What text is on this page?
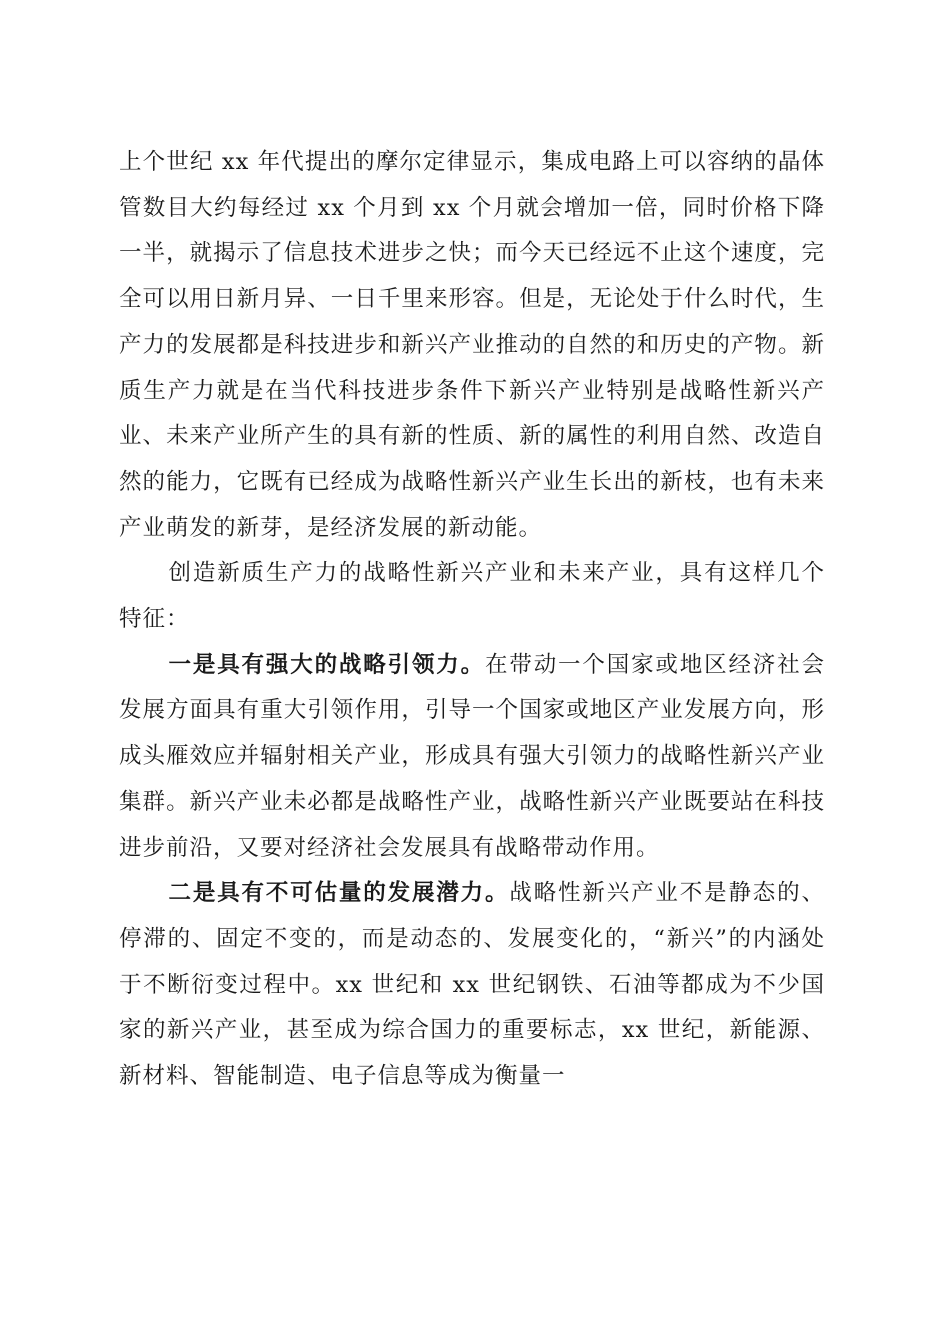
上个世纪 xx 年代提出的摩尔定律显示，集成电路上可以容纳的晶体管数目大约每经过 xx 个月到 xx 个月就会增加一倍，同时价格下降一半，就揭示了信息技术进步之快；而今天已经远不止这个速度，完全可以用日新月异、一日千里来形容。但是，无论处于什么时代，生产力的发展都是科技进步和新兴产业推动的自然的和历史的产物。新质生产力就是在当代科技进步条件下新兴产业特别是战略性新兴产业、未来产业所产生的具有新的性质、新的属性的利用自然、改造自然的能力，它既有已经成为战略性新兴产业生长出的新枝，也有未来产业萌发的新芽，是经济发展的新动能。

创造新质生产力的战略性新兴产业和未来产业，具有这样几个特征：

一是具有强大的战略引领力。在带动一个国家或地区经济社会发展方面具有重大引领作用，引导一个国家或地区产业发展方向，形成头雁效应并辐射相关产业，形成具有强大引领力的战略性新兴产业集群。新兴产业未必都是战略性产业，战略性新兴产业既要站在科技进步前沿，又要对经济社会发展具有战略带动作用。

二是具有不可估量的发展潜力。战略性新兴产业不是静态的、停滞的、固定不变的，而是动态的、发展变化的，“新兴”的内涵处于不断衍变过程中。xx 世纪和 xx 世纪钢铁、石油等都成为不少国家的新兴产业，甚至成为综合国力的重要标志，xx 世纪，新能源、新材料、智能制造、电子信息等成为衡量一
